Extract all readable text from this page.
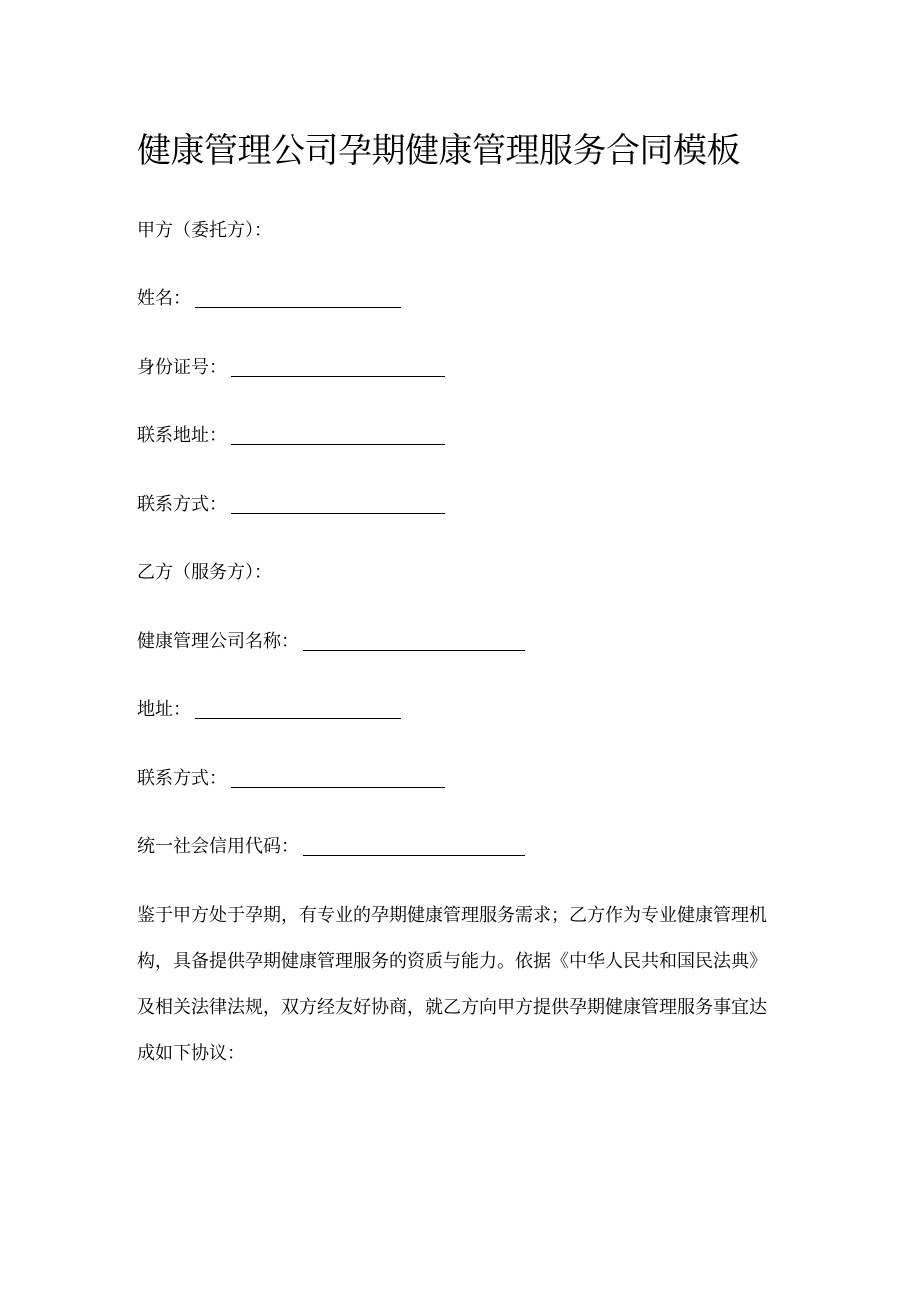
健康管理公司孕期健康管理服务合同模板
甲方（委托方）：
姓名：
身份证号：
联系地址：
联系方式：
乙方（服务方）：
健康管理公司名称：
地址：
联系方式：
统一社会信用代码：
鉴于甲方处于孕期，有专业的孕期健康管理服务需求；乙方作为专业健康管理机
构，具备提供孕期健康管理服务的资质与能力。依据《中华人民共和国民法典》
及相关法律法规，双方经友好协商，就乙方向甲方提供孕期健康管理服务事宜达
成如下协议：
